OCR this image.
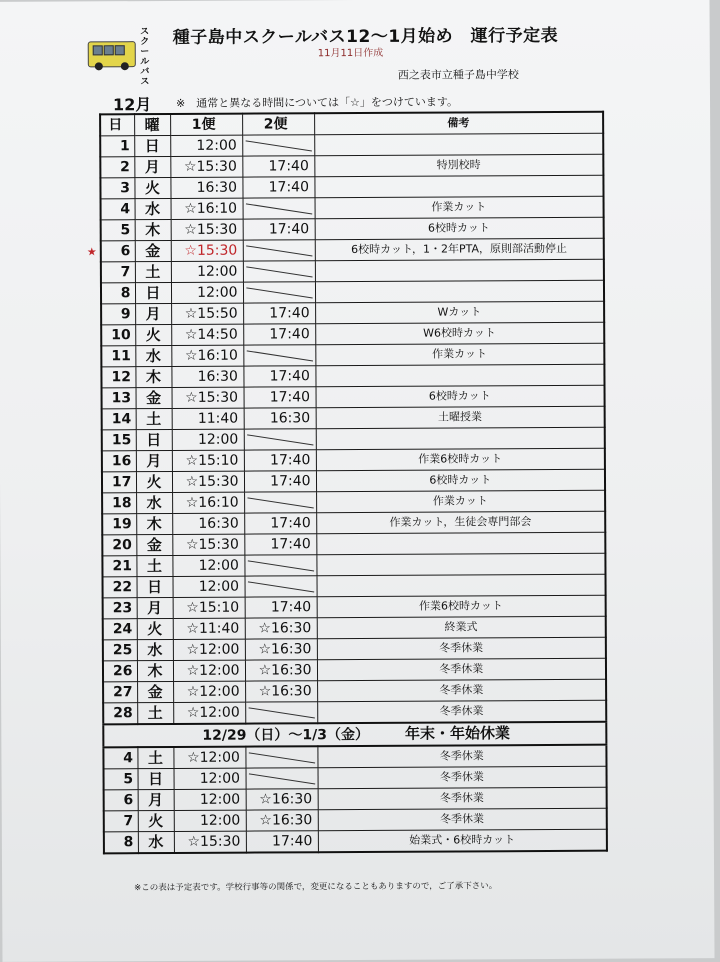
スクールバス
種子島中スクールバス12～1月始め　運行予定表
11月11日作成
西之表市立種子島中学校
12月 ※　通常と異なる時間については「☆」をつけています。
★
日	曜	1便	2便	備考
1	日	12:00		
2	月	☆15:30	17:40	特別校時
3	火	16:30	17:40	
4	水	☆16:10		作業カット
5	木	☆15:30	17:40	6校時カット
6	金	☆15:30		6校時カット，1・2年PTA，原則部活動停止
7	土	12:00		
8	日	12:00		
9	月	☆15:50	17:40	Wカット
10	火	☆14:50	17:40	W6校時カット
11	水	☆16:10		作業カット
12	木	16:30	17:40	
13	金	☆15:30	17:40	6校時カット
14	土	11:40	16:30	土曜授業
15	日	12:00		
16	月	☆15:10	17:40	作業6校時カット
17	火	☆15:30	17:40	6校時カット
18	水	☆16:10		作業カット
19	木	16:30	17:40	作業カット，生徒会専門部会
20	金	☆15:30	17:40	
21	土	12:00		
22	日	12:00		
23	月	☆15:10	17:40	作業6校時カット
24	火	☆11:40	☆16:30	終業式
25	水	☆12:00	☆16:30	冬季休業
26	木	☆12:00	☆16:30	冬季休業
27	金	☆12:00	☆16:30	冬季休業
28	土	☆12:00		冬季休業
12/29（日）～1/3（金） 年末・年始休業				
4	土	☆12:00		冬季休業
5	日	12:00		冬季休業
6	月	12:00	☆16:30	冬季休業
7	火	12:00	☆16:30	冬季休業
8	水	☆15:30	17:40	始業式・6校時カット
※この表は予定表です。学校行事等の関係で，変更になることもありますので，ご了承下さい。
